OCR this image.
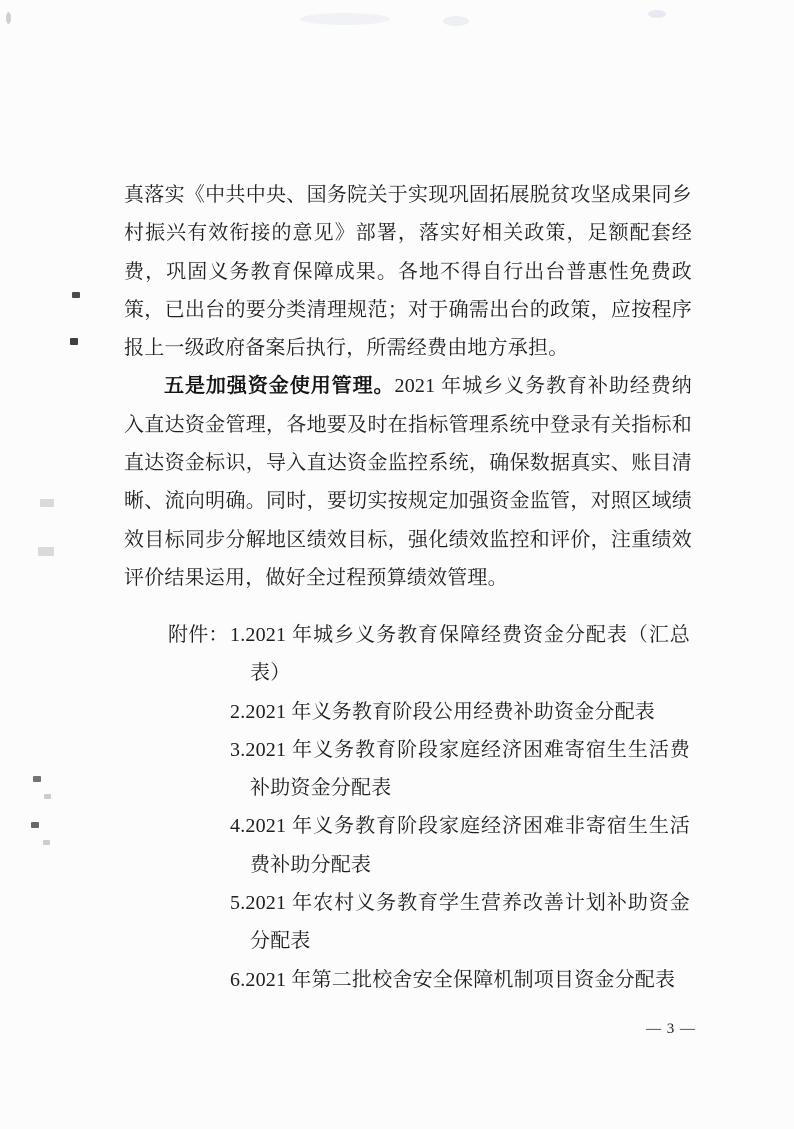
真落实《中共中央、国务院关于实现巩固拓展脱贫攻坚成果同乡村振兴有效衔接的意见》部署，落实好相关政策，足额配套经费，巩固义务教育保障成果。各地不得自行出台普惠性免费政策，已出台的要分类清理规范；对于确需出台的政策，应按程序报上一级政府备案后执行，所需经费由地方承担。

五是加强资金使用管理。2021 年城乡义务教育补助经费纳入直达资金管理，各地要及时在指标管理系统中登录有关指标和直达资金标识，导入直达资金监控系统，确保数据真实、账目清晰、流向明确。同时，要切实按规定加强资金监管，对照区域绩效目标同步分解地区绩效目标，强化绩效监控和评价，注重绩效评价结果运用，做好全过程预算绩效管理。

附件： 1.2021 年城乡义务教育保障经费资金分配表（汇总表）

2.2021 年义务教育阶段公用经费补助资金分配表

3.2021 年义务教育阶段家庭经济困难寄宿生生活费补助资金分配表

4.2021 年义务教育阶段家庭经济困难非寄宿生生活费补助分配表

5.2021 年农村义务教育学生营养改善计划补助资金分配表

6.2021 年第二批校舍安全保障机制项目资金分配表

— 3 —
